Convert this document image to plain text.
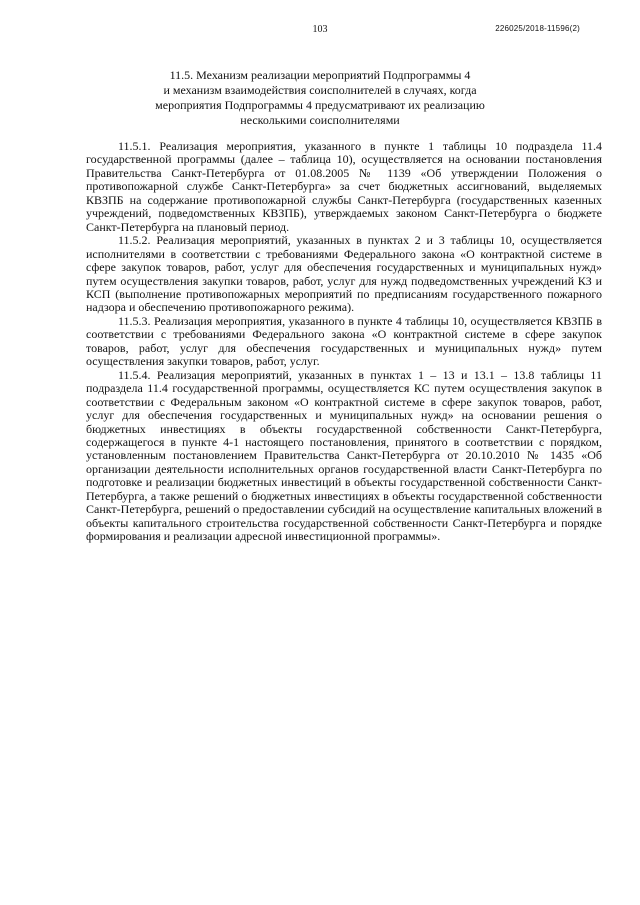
103	226025/2018-11596(2)
11.5. Механизм реализации мероприятий Подпрограммы 4
и механизм взаимодействия соисполнителей в случаях, когда
мероприятия Подпрограммы 4 предусматривают их реализацию
несколькими соисполнителями

11.5.1. Реализация мероприятия, указанного в пункте 1 таблицы 10 подраздела 11.4 государственной программы (далее – таблица 10), осуществляется на основании постановления Правительства Санкт-Петербурга от 01.08.2005 № 1139 «Об утверждении Положения о противопожарной службе Санкт-Петербурга» за счет бюджетных ассигнований, выделяемых КВЗПБ на содержание противопожарной службы Санкт-Петербурга (государственных казенных учреждений, подведомственных КВЗПБ), утверждаемых законом Санкт-Петербурга о бюджете Санкт-Петербурга на плановый период.

11.5.2. Реализация мероприятий, указанных в пунктах 2 и 3 таблицы 10, осуществляется исполнителями в соответствии с требованиями Федерального закона «О контрактной системе в сфере закупок товаров, работ, услуг для обеспечения государственных и муниципальных нужд» путем осуществления закупки товаров, работ, услуг для нужд подведомственных учреждений КЗ и КСП (выполнение противопожарных мероприятий по предписаниям государственного пожарного надзора и обеспечению противопожарного режима).

11.5.3. Реализация мероприятия, указанного в пункте 4 таблицы 10, осуществляется КВЗПБ в соответствии с требованиями Федерального закона «О контрактной системе в сфере закупок товаров, работ, услуг для обеспечения государственных и муниципальных нужд» путем осуществления закупки товаров, работ, услуг.

11.5.4. Реализация мероприятий, указанных в пунктах 1 – 13 и 13.1 – 13.8 таблицы 11 подраздела 11.4 государственной программы, осуществляется КС путем осуществления закупок в соответствии с Федеральным законом «О контрактной системе в сфере закупок товаров, работ, услуг для обеспечения государственных и муниципальных нужд» на основании решения о бюджетных инвестициях в объекты государственной собственности Санкт-Петербурга, содержащегося в пункте 4-1 настоящего постановления, принятого в соответствии с порядком, установленным постановлением Правительства Санкт-Петербурга от 20.10.2010 № 1435 «Об организации деятельности исполнительных органов государственной власти Санкт-Петербурга по подготовке и реализации бюджетных инвестиций в объекты государственной собственности Санкт-Петербурга, а также решений о бюджетных инвестициях в объекты государственной собственности Санкт-Петербурга, решений о предоставлении субсидий на осуществление капитальных вложений в объекты капитального строительства государственной собственности Санкт-Петербурга и порядке формирования и реализации адресной инвестиционной программы».
